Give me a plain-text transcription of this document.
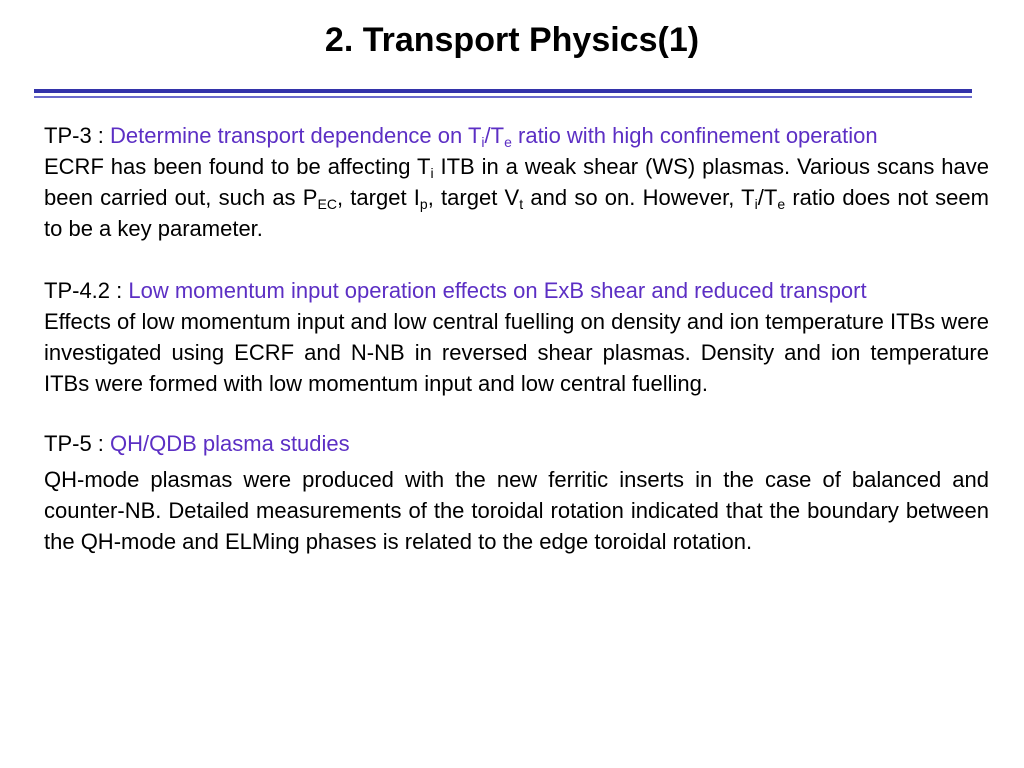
2. Transport Physics(1)

TP-3 : Determine transport dependence on $T_i/T_e$ ratio with high confinement operation

ECRF has been found to be affecting $T_i$ ITB in a weak shear (WS) plasmas. Various scans have been carried out, such as $P_{EC}$, target $I_p$, target $V_t$ and so on. However, $T_i/T_e$ ratio does not seem to be a key parameter.

TP-4.2 : Low momentum input operation effects on ExB shear and reduced transport

Effects of low momentum input and low central fuelling on density and ion temperature ITBs were investigated using ECRF and N-NB in reversed shear plasmas. Density and ion temperature ITBs were formed with low momentum input and low central fuelling.

TP-5 : QH/QDB plasma studies

QH-mode plasmas were produced with the new ferritic inserts in the case of balanced and counter-NB. Detailed measurements of the toroidal rotation indicated that the boundary between the QH-mode and ELMing phases is related to the edge toroidal rotation.
